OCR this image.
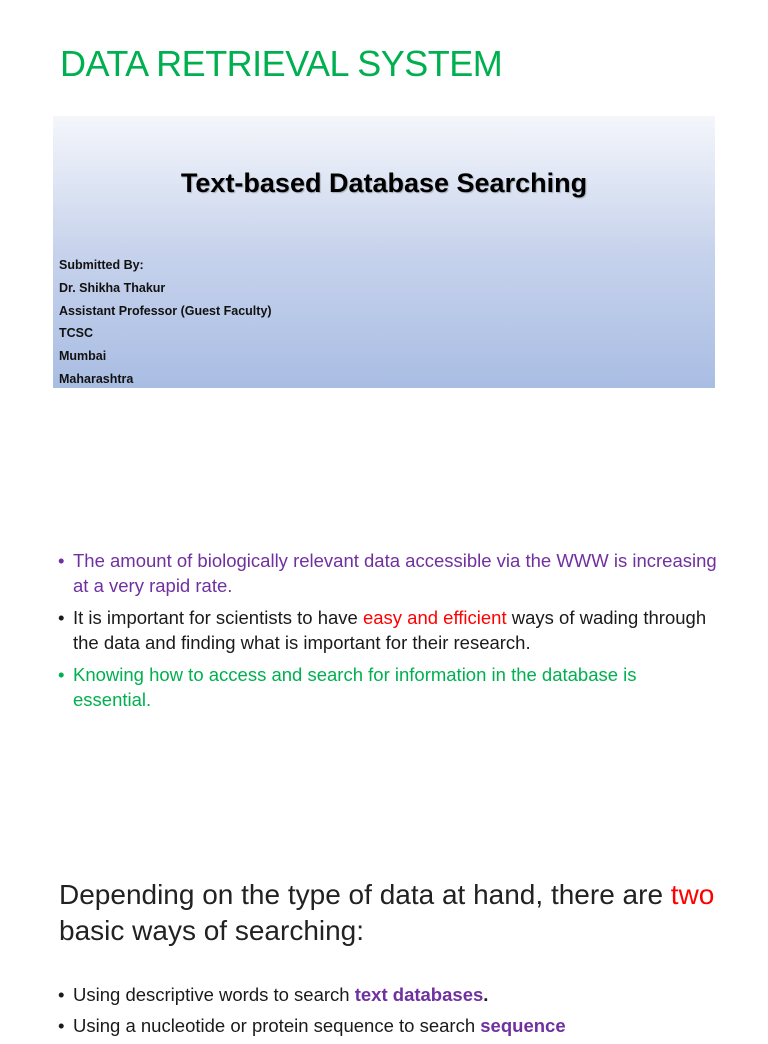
DATA RETRIEVAL SYSTEM
Text-based Database Searching
Submitted By:
Dr. Shikha Thakur
Assistant Professor (Guest Faculty)
TCSC
Mumbai
Maharashtra
• The amount of biologically relevant data accessible via the WWW is increasing at a very rapid rate.
• It is important for scientists to have easy and efficient ways of wading through the data and finding what is important for their research.
• Knowing how to access and search for information in the database is essential.
Depending on the type of data at hand, there are two basic ways of searching:
• Using descriptive words to search text databases.
• Using a nucleotide or protein sequence to search sequence
